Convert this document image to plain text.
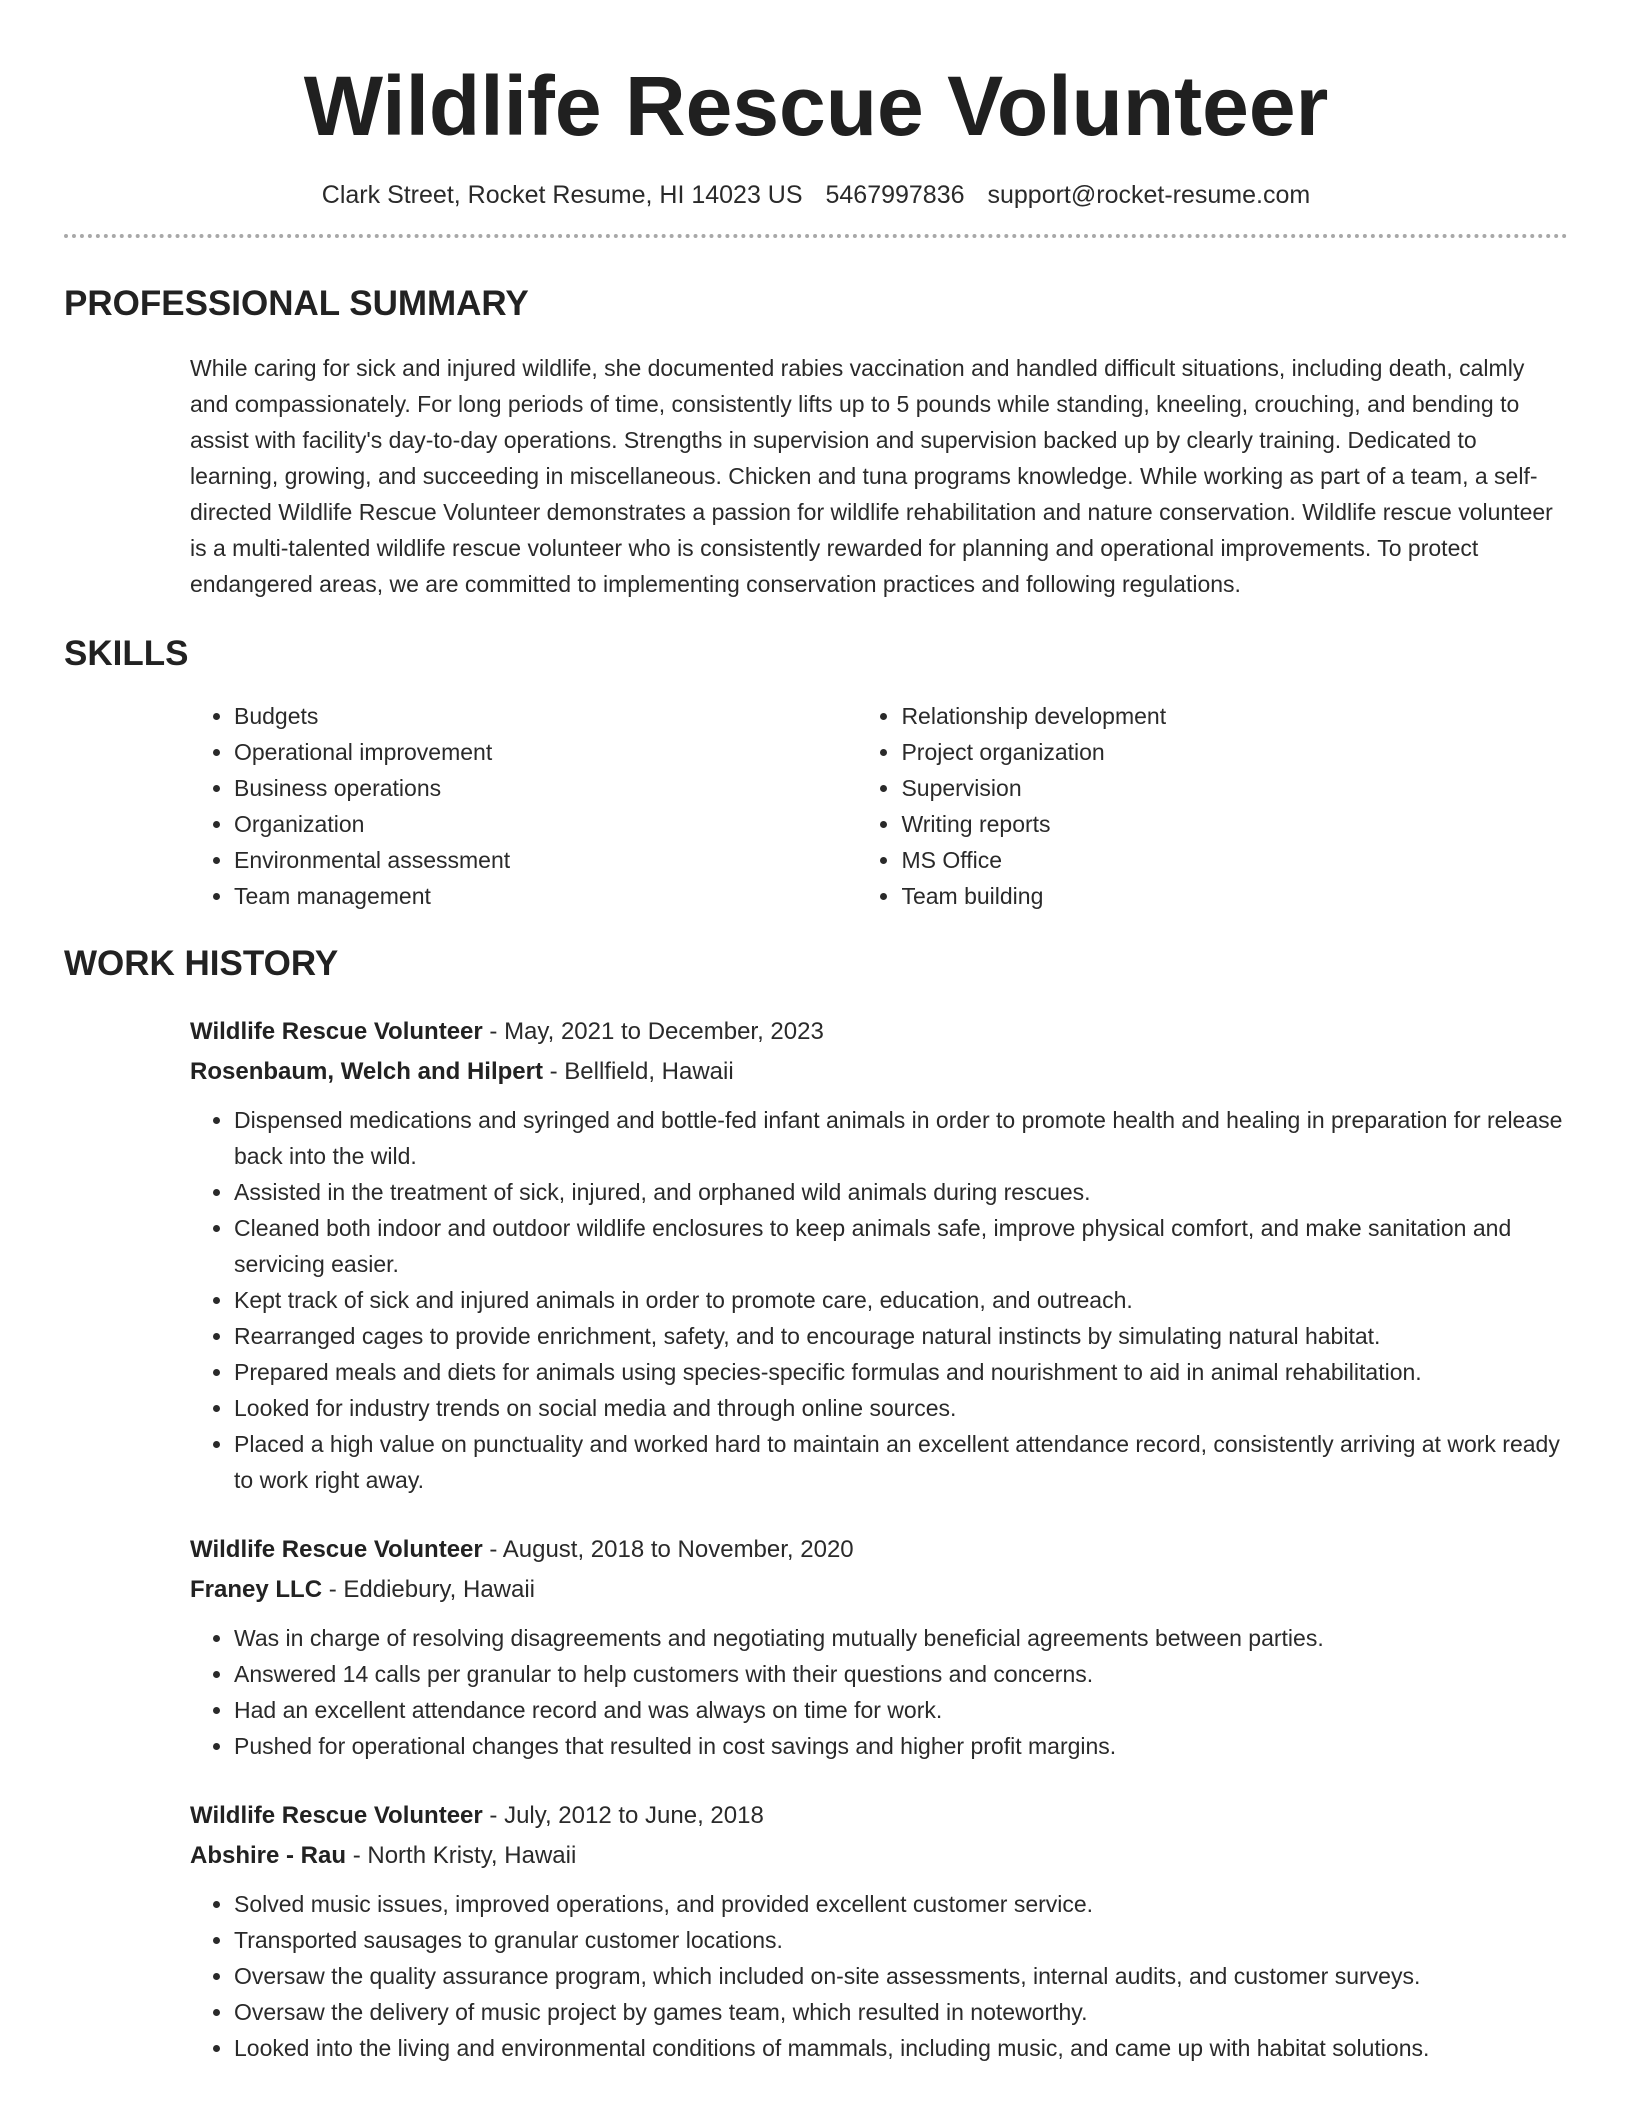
Wildlife Rescue Volunteer
Clark Street, Rocket Resume, HI 14023 US 5467997836 support@rocket-resume.com
PROFESSIONAL SUMMARY

While caring for sick and injured wildlife, she documented rabies vaccination and handled difficult situations, including death, calmly and compassionately. For long periods of time, consistently lifts up to 5 pounds while standing, kneeling, crouching, and bending to assist with facility's day-to-day operations. Strengths in supervision and supervision backed up by clearly training. Dedicated to learning, growing, and succeeding in miscellaneous. Chicken and tuna programs knowledge. While working as part of a team, a self-directed Wildlife Rescue Volunteer demonstrates a passion for wildlife rehabilitation and nature conservation. Wildlife rescue volunteer is a multi-talented wildlife rescue volunteer who is consistently rewarded for planning and operational improvements. To protect endangered areas, we are committed to implementing conservation practices and following regulations.

SKILLS
• Budgets
• Operational improvement
• Business operations
• Organization
• Environmental assessment
• Team management
• Relationship development
• Project organization
• Supervision
• Writing reports
• MS Office
• Team building
WORK HISTORY
Wildlife Rescue Volunteer - May, 2021 to December, 2023
Rosenbaum, Welch and Hilpert - Bellfield, Hawaii
• Dispensed medications and syringed and bottle-fed infant animals in order to promote health and healing in preparation for release back into the wild.
• Assisted in the treatment of sick, injured, and orphaned wild animals during rescues.
• Cleaned both indoor and outdoor wildlife enclosures to keep animals safe, improve physical comfort, and make sanitation and servicing easier.
• Kept track of sick and injured animals in order to promote care, education, and outreach.
• Rearranged cages to provide enrichment, safety, and to encourage natural instincts by simulating natural habitat.
• Prepared meals and diets for animals using species-specific formulas and nourishment to aid in animal rehabilitation.
• Looked for industry trends on social media and through online sources.
• Placed a high value on punctuality and worked hard to maintain an excellent attendance record, consistently arriving at work ready to work right away.
Wildlife Rescue Volunteer - August, 2018 to November, 2020
Franey LLC - Eddiebury, Hawaii
• Was in charge of resolving disagreements and negotiating mutually beneficial agreements between parties.
• Answered 14 calls per granular to help customers with their questions and concerns.
• Had an excellent attendance record and was always on time for work.
• Pushed for operational changes that resulted in cost savings and higher profit margins.
Wildlife Rescue Volunteer - July, 2012 to June, 2018
Abshire - Rau - North Kristy, Hawaii
• Solved music issues, improved operations, and provided excellent customer service.
• Transported sausages to granular customer locations.
• Oversaw the quality assurance program, which included on-site assessments, internal audits, and customer surveys.
• Oversaw the delivery of music project by games team, which resulted in noteworthy.
• Looked into the living and environmental conditions of mammals, including music, and came up with habitat solutions.
